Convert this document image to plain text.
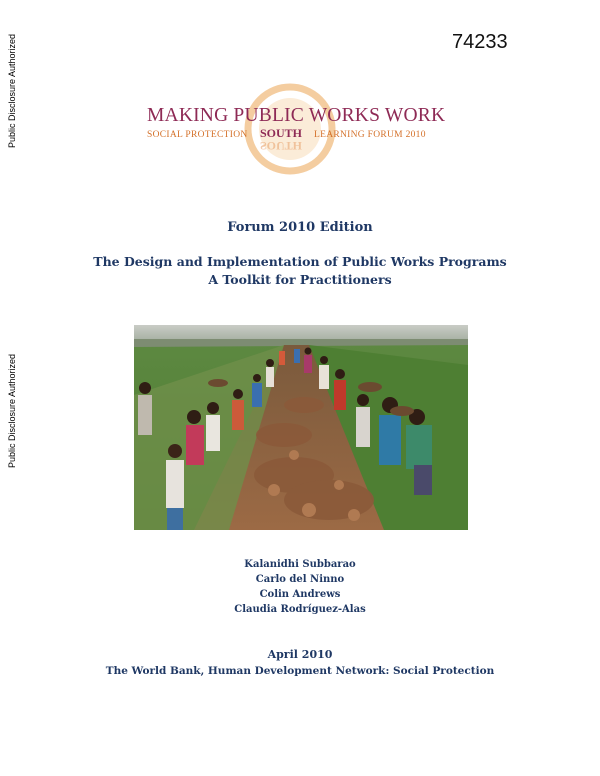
Public Disclosure Authorized
Public Disclosure Authorized
74233
MAKING PUBLIC WORKS WORK
SOCIAL PROTECTION	LEARNING FORUM 2010
SOUTH
SOUTH
Forum 2010 Edition
The Design and Implementation of Public Works Programs
A Toolkit for Practitioners
Kalanidhi Subbarao
Carlo del Ninno
Colin Andrews
Claudia Rodríguez-Alas
April 2010
The World Bank, Human Development Network: Social Protection
